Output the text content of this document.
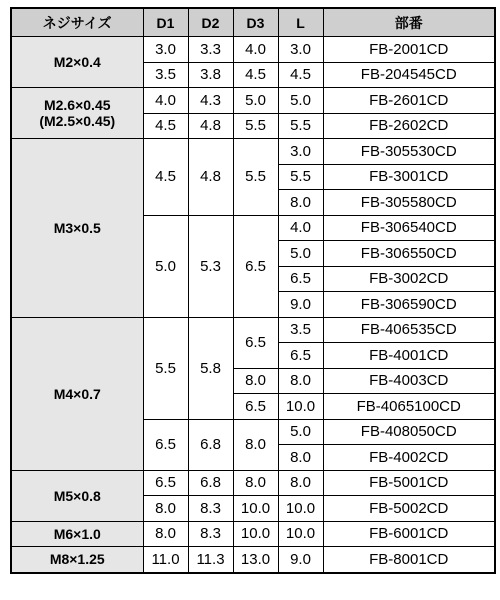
ネジサイズ	D1	D2	D3	L	部番
M2×0.4	3.0	3.3	4.0	3.0	FB-2001CD
	3.5	3.8	4.5	4.5	FB-204545CD
M2.6×0.45
(M2.5×0.45)	4.0	4.3	5.0	5.0	FB-2601CD
	4.5	4.8	5.5	5.5	FB-2602CD
M3×0.5	4.5	4.8	5.5	3.0	FB-305530CD
				5.5	FB-3001CD
				8.0	FB-305580CD
	5.0	5.3	6.5	4.0	FB-306540CD
				5.0	FB-306550CD
				6.5	FB-3002CD
				9.0	FB-306590CD
M4×0.7	5.5	5.8	6.5	3.5	FB-406535CD
				6.5	FB-4001CD
			8.0	8.0	FB-4003CD
			6.5	10.0	FB-4065100CD
	6.5	6.8	8.0	5.0	FB-408050CD
				8.0	FB-4002CD
M5×0.8	6.5	6.8	8.0	8.0	FB-5001CD
	8.0	8.3	10.0	10.0	FB-5002CD
M6×1.0	8.0	8.3	10.0	10.0	FB-6001CD
M8×1.25	11.0	11.3	13.0	9.0	FB-8001CD
